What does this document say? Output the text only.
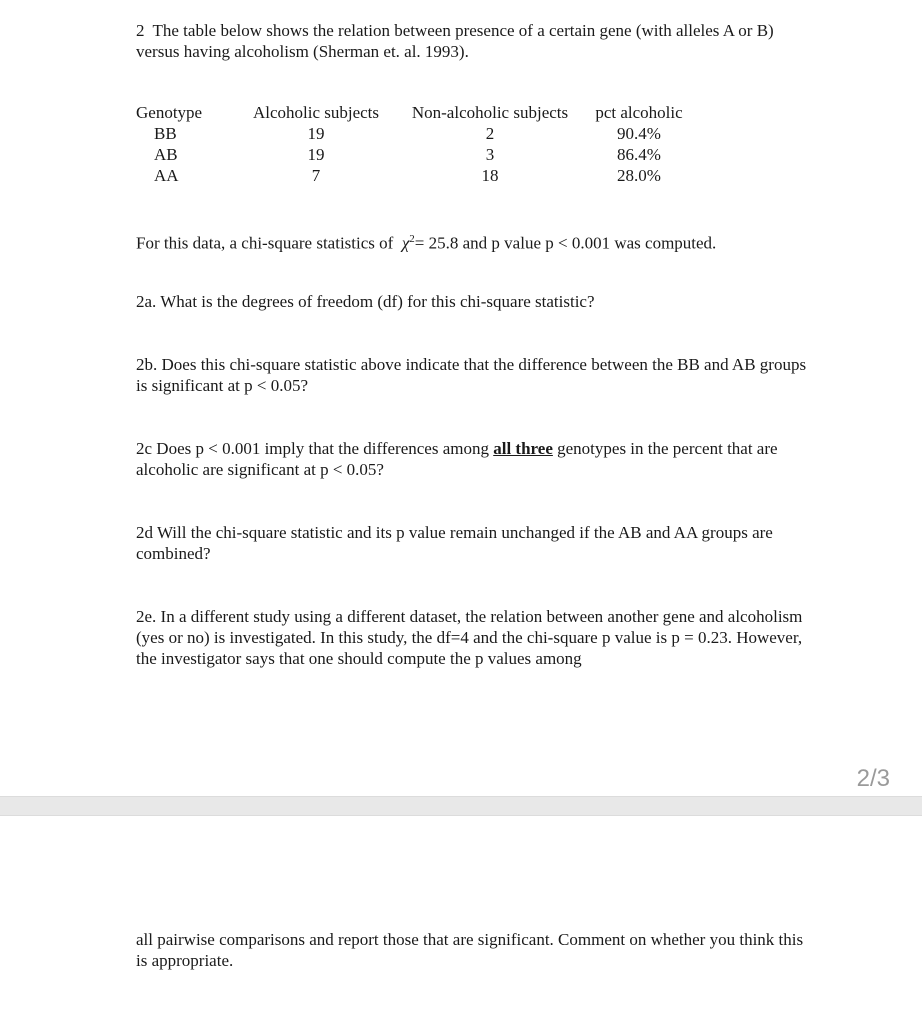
2 The table below shows the relation between presence of a certain gene (with alleles A or B) versus having alcoholism (Sherman et. al. 1993).

Genotype	Alcoholic subjects	Non-alcoholic subjects	pct alcoholic
BB	19	2	90.4%
AB	19	3	86.4%
AA	7	18	28.0%

For this data, a chi-square statistics of $\chi^2= 25.8$ and p value p < 0.001 was computed.

2a. What is the degrees of freedom (df) for this chi-square statistic?

2b. Does this chi-square statistic above indicate that the difference between the BB and AB groups is significant at p < 0.05?

2c Does p < 0.001 imply that the differences among all three genotypes in the percent that are alcoholic are significant at p < 0.05?

2d Will the chi-square statistic and its p value remain unchanged if the AB and AA groups are combined?

2e. In a different study using a different dataset, the relation between another gene and alcoholism (yes or no) is investigated. In this study, the df=4 and the chi-square p value is p = 0.23. However, the investigator says that one should compute the p values among

2/3

all pairwise comparisons and report those that are significant. Comment on whether you think this is appropriate.
